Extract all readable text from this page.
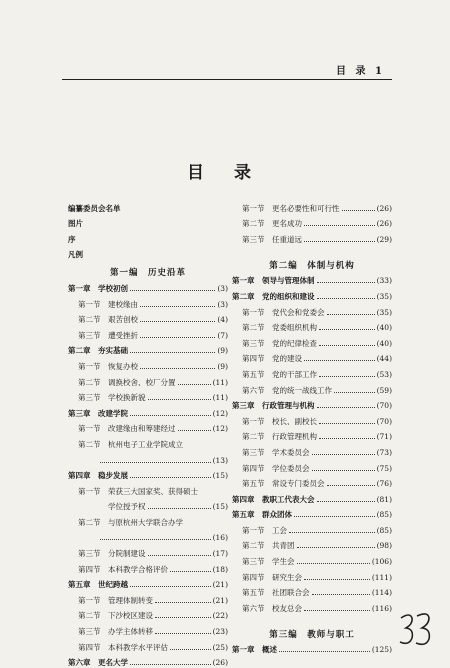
目 录 1
目 录
编纂委员会名单
图片
序
凡例
第一编　历史沿革
第一章 学校初创	(3)
第一节 建校缘由	(3)
第二节 艰苦创校	(4)
第三节 遭受挫折	(7)
第二章 夯实基础	(9)
第一节 恢复办校	(9)
第二节 调换校舍、校厂分置	(11)
第三节 学校换新貌	(11)
第三章 改建学院	(12)
第一节 改建缘由和筹建经过	(12)
第二节 杭州电子工业学院成立
(13)
第四章 稳步发展	(15)
第一节 荣获三大国家奖、获得硕士
学位授予权	(15)
第二节 与原杭州大学联合办学
(16)
第三节 分院制建设	(17)
第四节 本科教学合格评价	(18)
第五章 世纪跨越	(21)
第一节 管理体制转变	(21)
第二节 下沙校区建设	(22)
第三节 办学主体转移	(23)
第四节 本科教学水平评估	(25)
第六章 更名大学	(26)
第一节 更名必要性和可行性	(26)
第二节 更名成功	(26)
第三节 任重道远	(29)
第二编　体制与机构
第一章 领导与管理体制	(33)
第二章 党的组织和建设	(35)
第一节 党代会和党委会	(35)
第二节 党委组织机构	(40)
第三节 党的纪律检查	(40)
第四节 党的建设	(44)
第五节 党的干部工作	(53)
第六节 党的统一战线工作	(59)
第三章 行政管理与机构	(70)
第一节 校长、副校长	(70)
第二节 行政管理机构	(71)
第三节 学术委员会	(73)
第四节 学位委员会	(75)
第五节 常设专门委员会	(76)
第四章 教职工代表大会	(81)
第五章 群众团体	(85)
第一节 工会	(85)
第二节 共青团	(98)
第三节 学生会	(106)
第四节 研究生会	(111)
第五节 社团联合会	(114)
第六节 校友总会	(116)
第三编　教师与职工
第一章 概述	(125)
